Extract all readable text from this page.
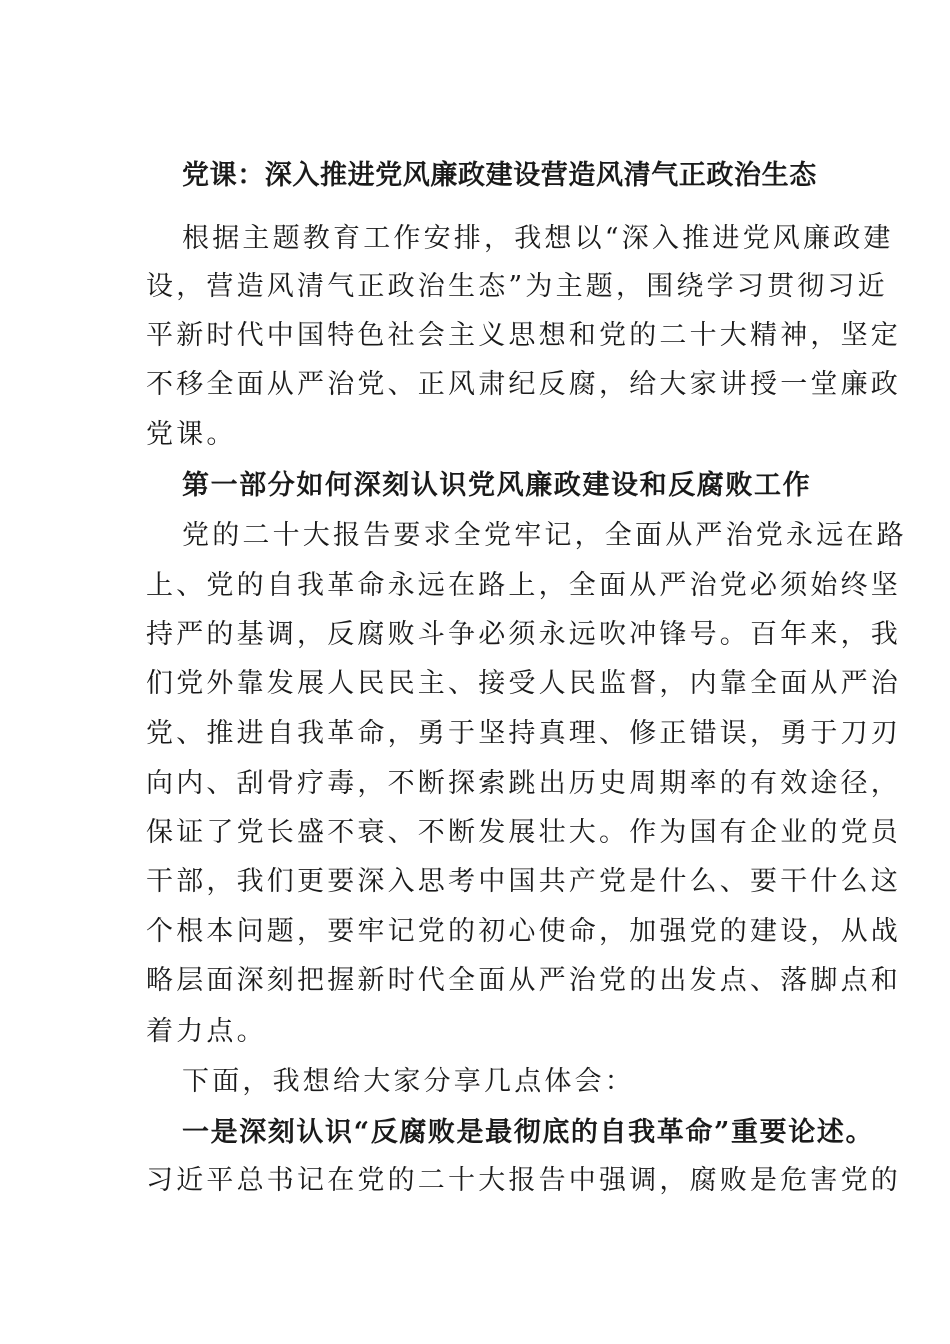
党课：深入推进党风廉政建设营造风清气正政治生态
根据主题教育工作安排，我想以“深入推进党风廉政建
设，营造风清气正政治生态”为主题，围绕学习贯彻习近
平新时代中国特色社会主义思想和党的二十大精神，坚定
不移全面从严治党、正风肃纪反腐，给大家讲授一堂廉政
党课。
第一部分如何深刻认识党风廉政建设和反腐败工作
党的二十大报告要求全党牢记，全面从严治党永远在路
上、党的自我革命永远在路上，全面从严治党必须始终坚
持严的基调，反腐败斗争必须永远吹冲锋号。百年来，我
们党外靠发展人民民主、接受人民监督，内靠全面从严治
党、推进自我革命，勇于坚持真理、修正错误，勇于刀刃
向内、刮骨疗毒，不断探索跳出历史周期率的有效途径，
保证了党长盛不衰、不断发展壮大。作为国有企业的党员
干部，我们更要深入思考中国共产党是什么、要干什么这
个根本问题，要牢记党的初心使命，加强党的建设，从战
略层面深刻把握新时代全面从严治党的出发点、落脚点和
着力点。
下面，我想给大家分享几点体会：
一是深刻认识“反腐败是最彻底的自我革命”重要论述。
习近平总书记在党的二十大报告中强调，腐败是危害党的
